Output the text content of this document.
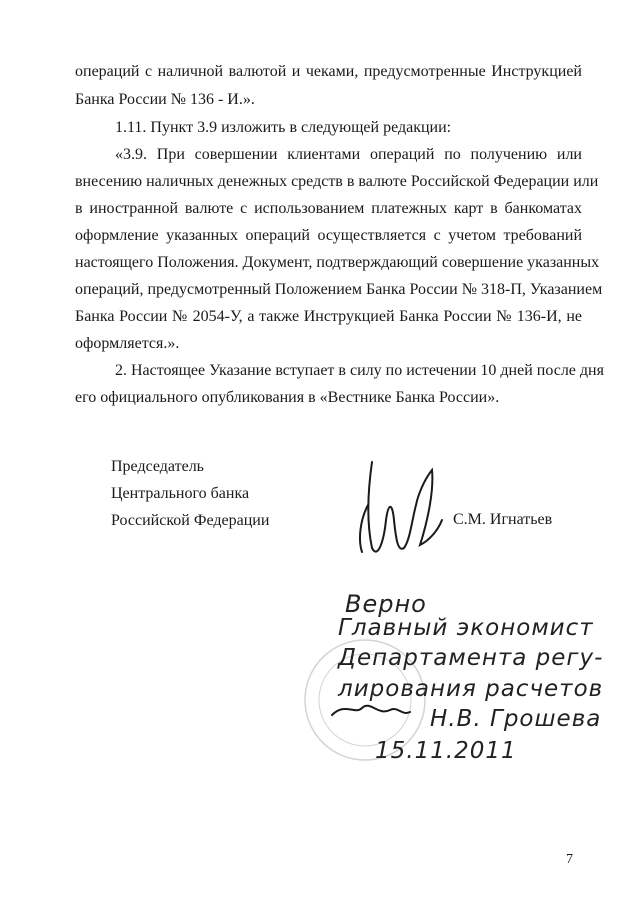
операций с наличной валютой и чеками, предусмотренные Инструкцией
Банка России № 136 - И.».
1.11. Пункт 3.9 изложить в следующей редакции:
«3.9. При совершении клиентами операций по получению или
внесению наличных денежных средств в валюте Российской Федерации или
в иностранной валюте с использованием платежных карт в банкоматах
оформление указанных операций осуществляется с учетом требований
настоящего Положения. Документ, подтверждающий совершение указанных
операций, предусмотренный Положением Банка России № 318-П, Указанием
Банка России № 2054-У, а также Инструкцией Банка России № 136-И, не
оформляется.».
2. Настоящее Указание вступает в силу по истечении 10 дней после дня
его официального опубликования в «Вестнике Банка России».
Председатель
Центрального банка
Российской Федерации	С.М. Игнатьев
Верно
Главный экономист
Департамента регу-
лирования расчетов
Н.В. Грошева
15.11.2011
7
